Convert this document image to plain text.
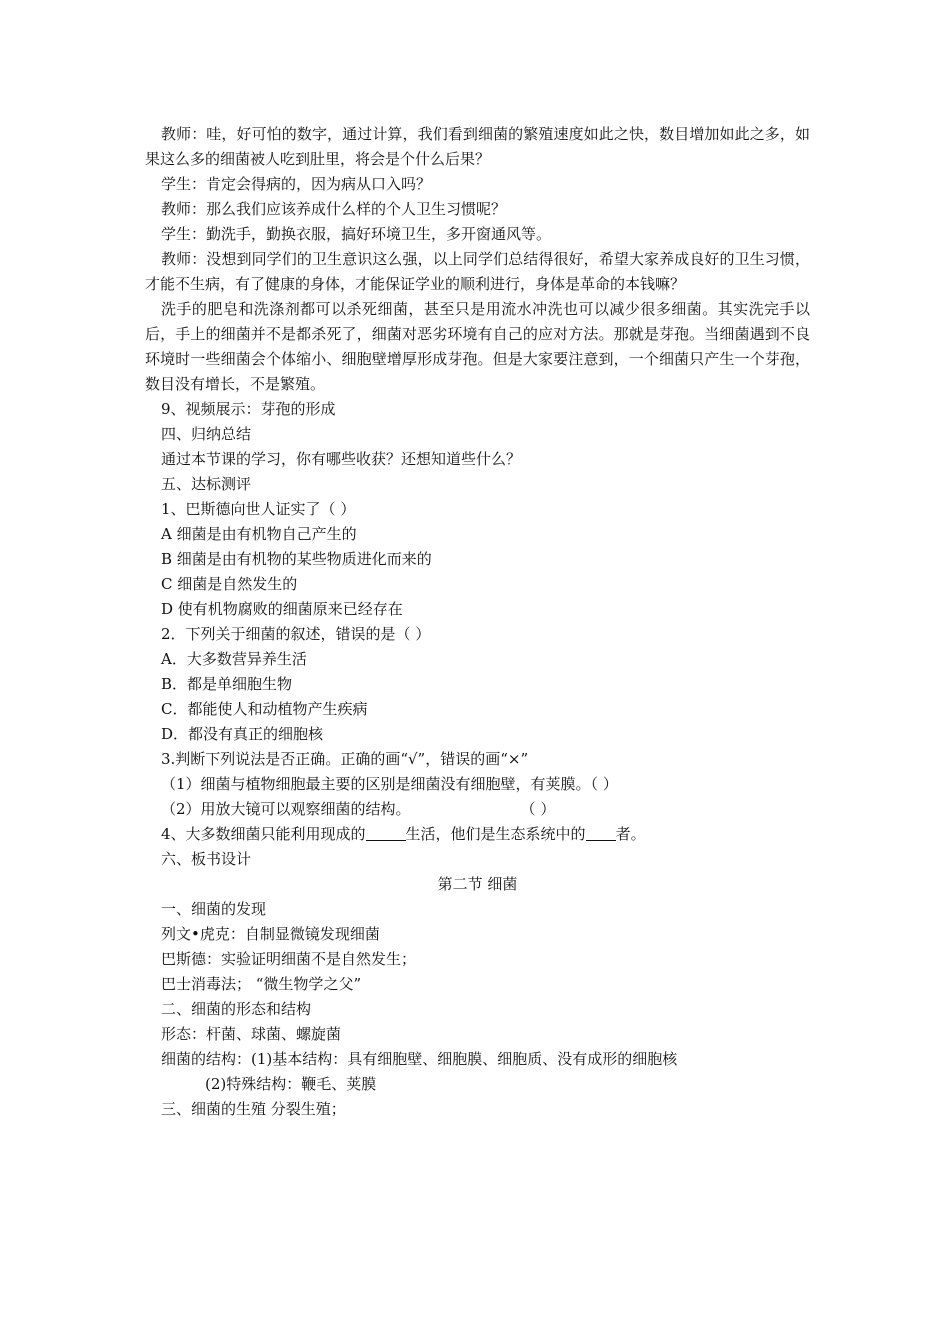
教师：哇，好可怕的数字，通过计算，我们看到细菌的繁殖速度如此之快，数目增加如此之多，如果这么多的细菌被人吃到肚里，将会是个什么后果？
学生：肯定会得病的，因为病从口入吗？
教师：那么我们应该养成什么样的个人卫生习惯呢？
学生：勤洗手，勤换衣服，搞好环境卫生，多开窗通风等。
教师：没想到同学们的卫生意识这么强，以上同学们总结得很好，希望大家养成良好的卫生习惯，才能不生病，有了健康的身体，才能保证学业的顺利进行，身体是革命的本钱嘛？
洗手的肥皂和洗涤剂都可以杀死细菌，甚至只是用流水冲洗也可以减少很多细菌。其实洗完手以后，手上的细菌并不是都杀死了，细菌对恶劣环境有自己的应对方法。那就是芽孢。当细菌遇到不良环境时一些细菌会个体缩小、细胞壁增厚形成芽孢。但是大家要注意到，一个细菌只产生一个芽孢，数目没有增长，不是繁殖。
9、视频展示：芽孢的形成
四、归纳总结
通过本节课的学习，你有哪些收获？还想知道些什么？
五、达标测评
1、巴斯德向世人证实了（ ）
A 细菌是由有机物自己产生的
B 细菌是由有机物的某些物质进化而来的
C 细菌是自然发生的
D 使有机物腐败的细菌原来已经存在
2．下列关于细菌的叙述，错误的是（ ）
A．大多数营异养生活
B．都是单细胞生物
C．都能使人和动植物产生疾病
D．都没有真正的细胞核
3.判断下列说法是否正确。正确的画“√”，错误的画“×”
（1）细菌与植物细胞最主要的区别是细菌没有细胞壁，有荚膜。（ ）
（2）用放大镜可以观察细菌的结构。	（ ）
4、大多数细菌只能利用现成的	生活，他们是生态系统中的 者。
六、板书设计
第二节 细菌
一、细菌的发现
列文•虎克：自制显微镜发现细菌
巴斯德：实验证明细菌不是自然发生；
巴士消毒法； “微生物学之父”
二、细菌的形态和结构
形态：杆菌、球菌、螺旋菌
细菌的结构：(1)基本结构：具有细胞壁、细胞膜、细胞质、没有成形的细胞核
(2)特殊结构：鞭毛、荚膜
三、细菌的生殖 分裂生殖；
